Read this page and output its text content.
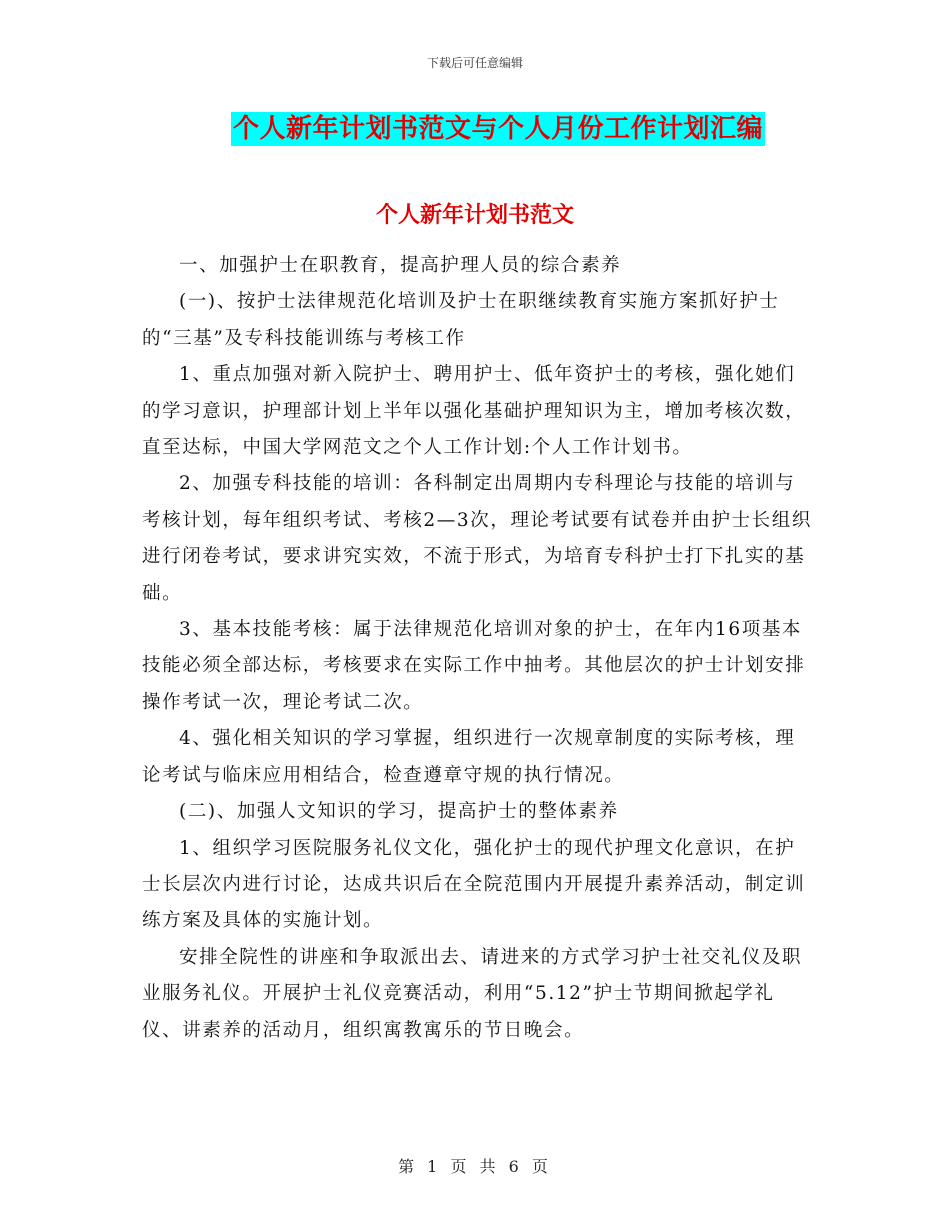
下载后可任意编辑
个人新年计划书范文与个人月份工作计划汇编
个人新年计划书范文

一、加强护士在职教育，提高护理人员的综合素养

(一)、按护士法律规范化培训及护士在职继续教育实施方案抓好护士的“三基”及专科技能训练与考核工作

1、重点加强对新入院护士、聘用护士、低年资护士的考核，强化她们的学习意识，护理部计划上半年以强化基础护理知识为主，增加考核次数，直至达标，中国大学网范文之个人工作计划:个人工作计划书。

2、加强专科技能的培训：各科制定出周期内专科理论与技能的培训与考核计划，每年组织考试、考核2—3次，理论考试要有试卷并由护士长组织进行闭卷考试，要求讲究实效，不流于形式，为培育专科护士打下扎实的基础。

3、基本技能考核：属于法律规范化培训对象的护士，在年内16项基本技能必须全部达标，考核要求在实际工作中抽考。其他层次的护士计划安排操作考试一次，理论考试二次。

4、强化相关知识的学习掌握，组织进行一次规章制度的实际考核，理论考试与临床应用相结合，检查遵章守规的执行情况。

(二)、加强人文知识的学习，提高护士的整体素养

1、组织学习医院服务礼仪文化，强化护士的现代护理文化意识，在护士长层次内进行讨论，达成共识后在全院范围内开展提升素养活动，制定训练方案及具体的实施计划。

安排全院性的讲座和争取派出去、请进来的方式学习护士社交礼仪及职业服务礼仪。开展护士礼仪竞赛活动，利用“5.12”护士节期间掀起学礼仪、讲素养的活动月，组织寓教寓乐的节日晚会。

第 1 页 共 6 页
